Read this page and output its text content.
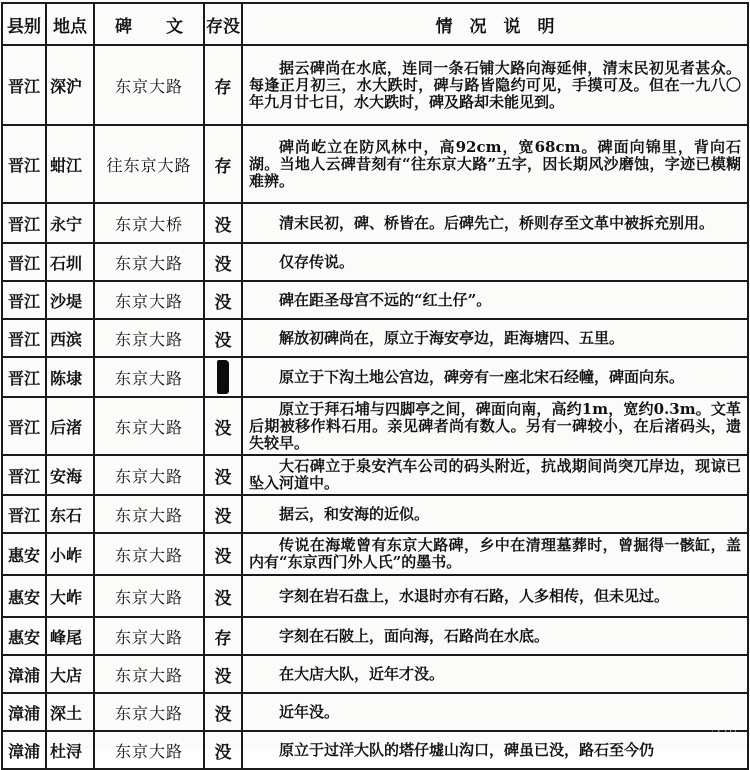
县别	地点	碑　　文	存没	情　况　说　明
晋江	深沪	东京大路	存	据云碑尚在水底，连同一条石铺大路向海延伸，清末民初见者甚众。每逢正月初三，水大跌时，碑与路皆隐约可见，手摸可及。但在一九八〇年九月廿七日，水大跌时，碑及路却未能见到。
晋江	蚶江	往东京大路	存	碑尚屹立在防风林中，高92cm，宽68cm。碑面向锦里，背向石湖。当地人云碑昔刻有“往东京大路”五字，因长期风沙磨蚀，字迹已模糊难辨。
晋江	永宁	东京大桥	没	清末民初，碑、桥皆在。后碑先亡，桥则存至文革中被拆充别用。
晋江	石圳	东京大路	没	仅存传说。
晋江	沙堤	东京大路	没	碑在距圣母宫不远的“红土仔”。
晋江	西滨	东京大路	没	解放初碑尚在，原立于海安亭边，距海塘四、五里。
晋江	陈埭	东京大路		原立于下沟土地公宫边，碑旁有一座北宋石经幢，碑面向东。
晋江	后渚	东京大路	没	原立于拜石埔与四脚亭之间，碑面向南，高约1m，宽约0.3m。文革后期被移作料石用。亲见碑者尚有数人。另有一碑较小，在后渚码头，遗失较早。
晋江	安海	东京大路	没	大石碑立于泉安汽车公司的码头附近，抗战期间尚突兀岸边，现谅已坠入河道中。
晋江	东石	东京大路	没	据云，和安海的近似。
惠安	小岞	东京大路	没	传说在海墘曾有东京大路碑，乡中在清理墓葬时，曾掘得一骸缸，盖内有“东京西门外人氏”的墨书。
惠安	大岞	东京大路	没	字刻在岩石盘上，水退时亦有石路，人多相传，但未见过。
惠安	峰尾	东京大路	存	字刻在石陂上，面向海，石路尚在水底。
漳浦	大店	东京大路	没	在大店大队，近年才没。
漳浦	深土	东京大路	没	近年没。
漳浦	杜浔	东京大路	没	原立于过洋大队的塔仔墟山沟口，碑虽已没，路石至今仍
文史
